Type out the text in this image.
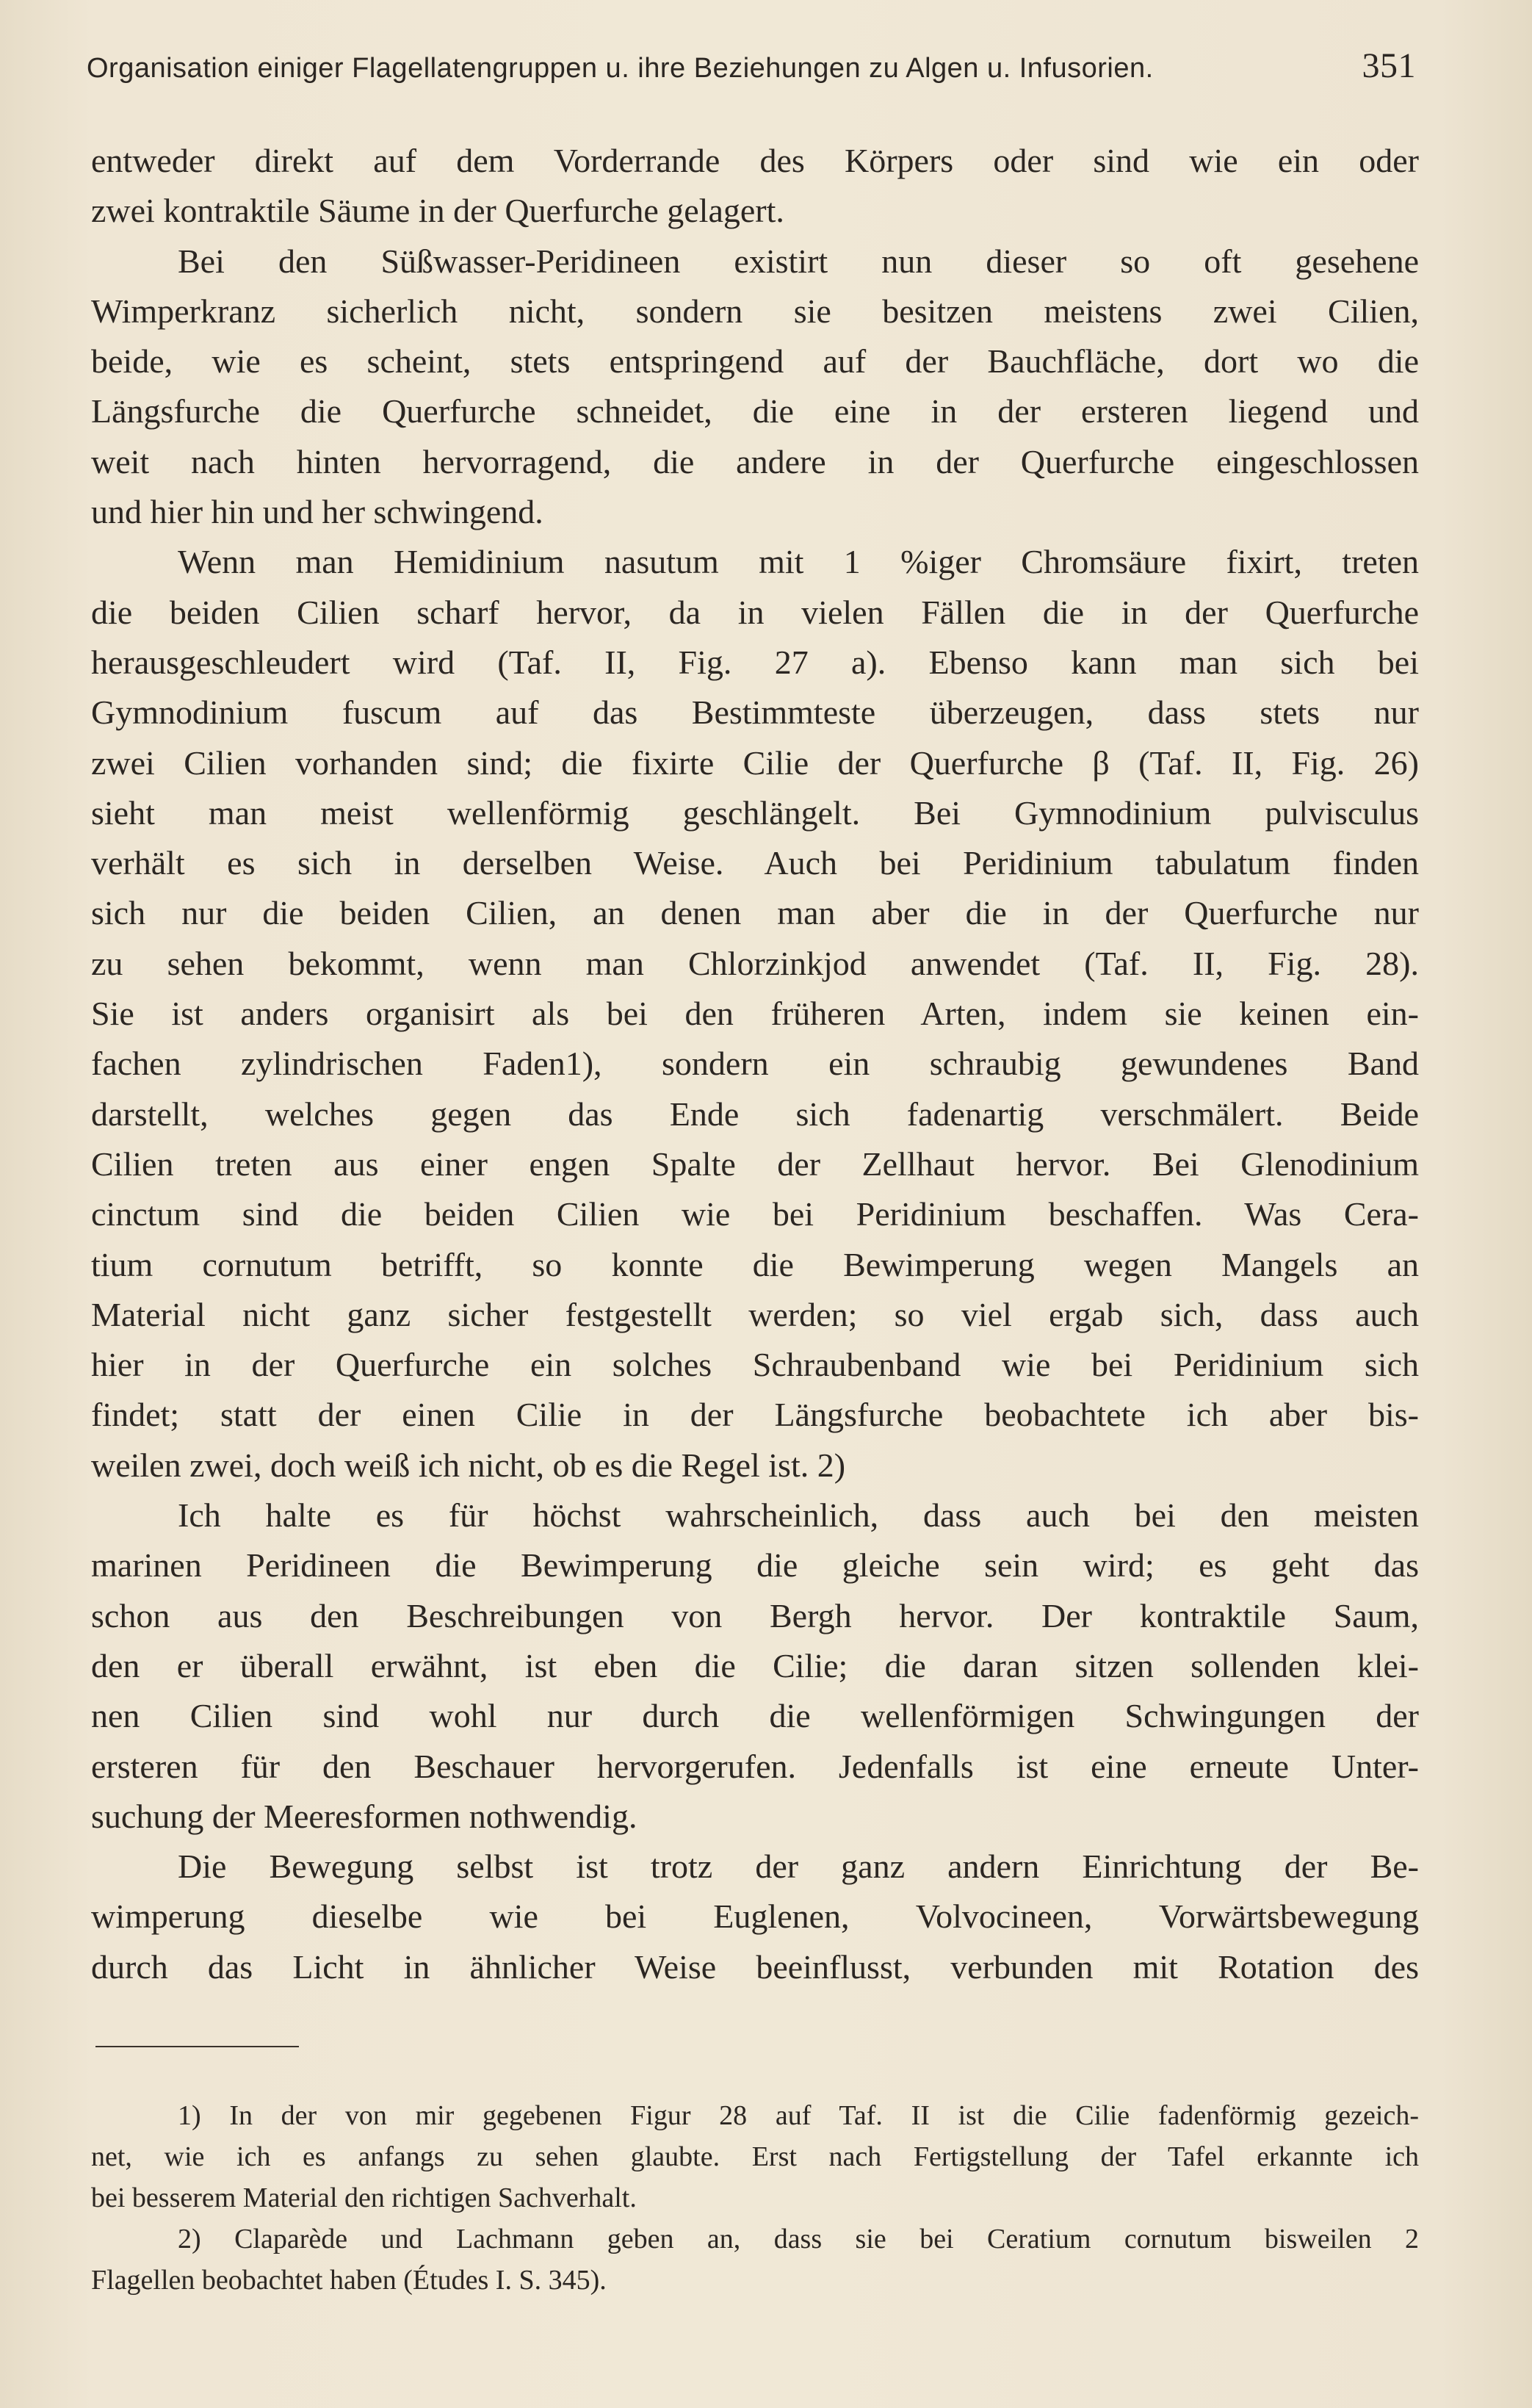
Organisation einiger Flagellatengruppen u. ihre Beziehungen zu Algen u. Infusorien.	351
entweder direkt auf dem Vorderrande des Körpers oder sind wie ein oder
zwei kontraktile Säume in der Querfurche gelagert.
Bei den Süßwasser-Peridineen existirt nun dieser so oft gesehene
Wimperkranz sicherlich nicht, sondern sie besitzen meistens zwei Cilien,
beide, wie es scheint, stets entspringend auf der Bauchfläche, dort wo die
Längsfurche die Querfurche schneidet, die eine in der ersteren liegend und
weit nach hinten hervorragend, die andere in der Querfurche eingeschlossen
und hier hin und her schwingend.
Wenn man Hemidinium nasutum mit 1 %iger Chromsäure fixirt, treten
die beiden Cilien scharf hervor, da in vielen Fällen die in der Querfurche
herausgeschleudert wird (Taf. II, Fig. 27 a). Ebenso kann man sich bei
Gymnodinium fuscum auf das Bestimmteste überzeugen, dass stets nur
zwei Cilien vorhanden sind; die fixirte Cilie der Querfurche β (Taf. II, Fig. 26)
sieht man meist wellenförmig geschlängelt. Bei Gymnodinium pulvisculus
verhält es sich in derselben Weise. Auch bei Peridinium tabulatum finden
sich nur die beiden Cilien, an denen man aber die in der Querfurche nur
zu sehen bekommt, wenn man Chlorzinkjod anwendet (Taf. II, Fig. 28).
Sie ist anders organisirt als bei den früheren Arten, indem sie keinen ein-
fachen zylindrischen Faden1), sondern ein schraubig gewundenes Band
darstellt, welches gegen das Ende sich fadenartig verschmälert. Beide
Cilien treten aus einer engen Spalte der Zellhaut hervor. Bei Glenodinium
cinctum sind die beiden Cilien wie bei Peridinium beschaffen. Was Cera-
tium cornutum betrifft, so konnte die Bewimperung wegen Mangels an
Material nicht ganz sicher festgestellt werden; so viel ergab sich, dass auch
hier in der Querfurche ein solches Schraubenband wie bei Peridinium sich
findet; statt der einen Cilie in der Längsfurche beobachtete ich aber bis-
weilen zwei, doch weiß ich nicht, ob es die Regel ist. 2)
Ich halte es für höchst wahrscheinlich, dass auch bei den meisten
marinen Peridineen die Bewimperung die gleiche sein wird; es geht das
schon aus den Beschreibungen von Bergh hervor. Der kontraktile Saum,
den er überall erwähnt, ist eben die Cilie; die daran sitzen sollenden klei-
nen Cilien sind wohl nur durch die wellenförmigen Schwingungen der
ersteren für den Beschauer hervorgerufen. Jedenfalls ist eine erneute Unter-
suchung der Meeresformen nothwendig.
Die Bewegung selbst ist trotz der ganz andern Einrichtung der Be-
wimperung dieselbe wie bei Euglenen, Volvocineen, Vorwärtsbewegung
durch das Licht in ähnlicher Weise beeinflusst, verbunden mit Rotation des
1) In der von mir gegebenen Figur 28 auf Taf. II ist die Cilie fadenförmig gezeich-
net, wie ich es anfangs zu sehen glaubte. Erst nach Fertigstellung der Tafel erkannte ich
bei besserem Material den richtigen Sachverhalt.
2) Claparède und Lachmann geben an, dass sie bei Ceratium cornutum bisweilen 2
Flagellen beobachtet haben (Études I. S. 345).
